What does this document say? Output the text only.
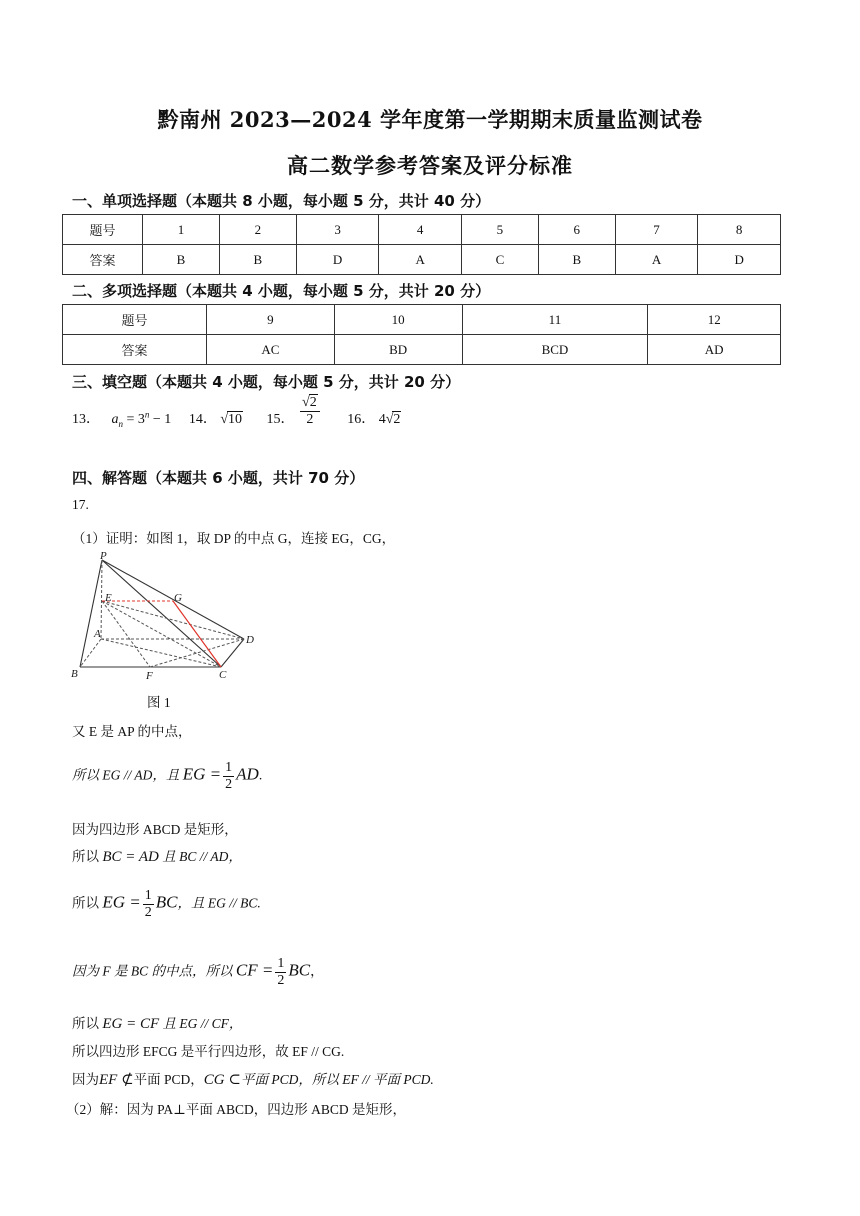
黔南州 2023—2024 学年度第一学期期末质量监测试卷
高二数学参考答案及评分标准
一、单项选择题（本题共 8 小题，每小题 5 分，共计 40 分）
题号	1	2	3	4	5	6	7	8
答案	B	B	D	A	C	B	A	D
二、多项选择题（本题共 4 小题，每小题 5 分，共计 20 分）
题号	9	10	11	12
答案	AC	BD	BCD	AD
三、填空题（本题共 4 小题，每小题 5 分，共计 20 分）
13． $a_n = 3^n - 1$ 14． √10 15． $\frac{√2}{2} 16$． 4√2
四、解答题（本题共 6 小题，共计 70 分）
17.
（1）证明：如图 1，取 DP 的中点 G，连接 EG，CG，
P
E	G
A	D
B	F	C
图 1
又 E 是 AP 的中点，
所以 EG // AD，且 EG = $\frac{1}{2}$ AD.
因为四边形 ABCD 是矩形，
所以 BC = AD 且 BC // AD，
所以 EG = $\frac{1}{2}$ BC，且 EG // BC.
因为 F 是 BC 的中点，所以 CF = $\frac{1}{2}$ BC，
所以 EG = CF 且 EG // CF，
所以四边形 EFCG 是平行四边形，故 EF // CG.
因为EF ⊄平面 PCD，CG ⊂平面 PCD，所以 EF // 平面 PCD.
（2）解：因为 PA⊥平面 ABCD，四边形 ABCD 是矩形，
